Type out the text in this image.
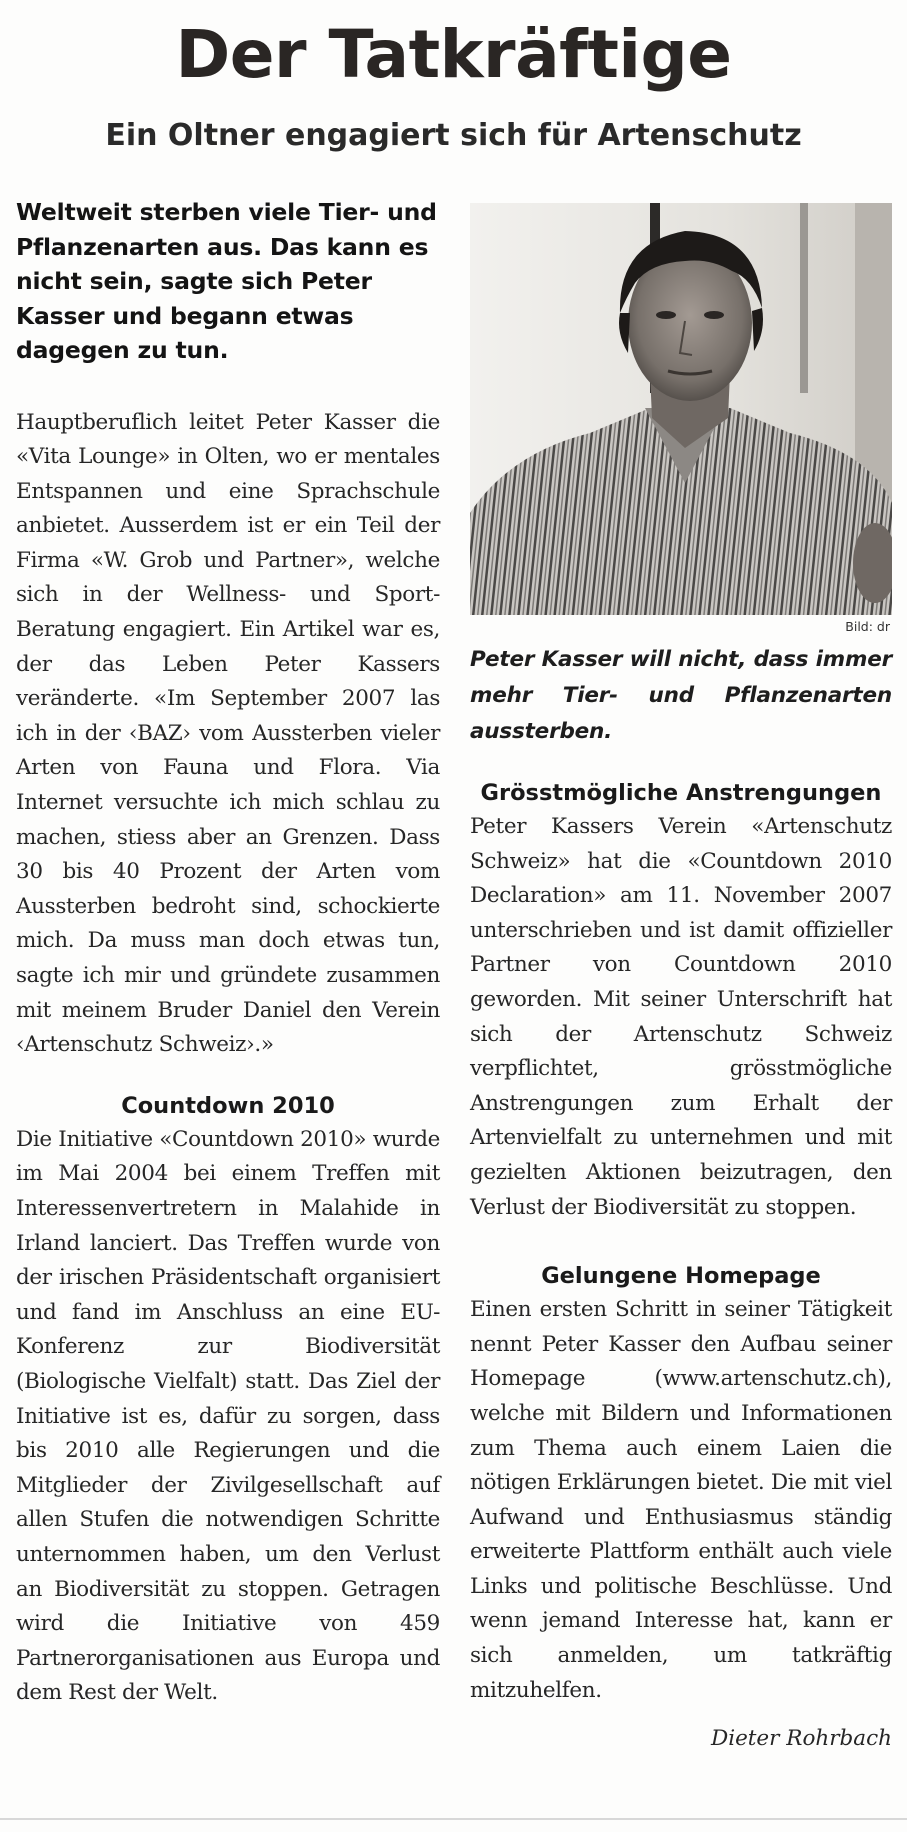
Der Tatkräftige
Ein Oltner engagiert sich für Artenschutz

Weltweit sterben viele Tier- und Pflanzenarten aus. Das kann es nicht sein, sagte sich Peter Kasser und begann etwas dagegen zu tun.

Hauptberuflich leitet Peter Kasser die «Vita Lounge» in Olten, wo er mentales Entspannen und eine Sprachschule anbietet. Ausserdem ist er ein Teil der Firma «W. Grob und Partner», welche sich in der Wellness- und Sport-Beratung engagiert. Ein Artikel war es, der das Leben Peter Kassers veränderte. «Im September 2007 las ich in der ‹BAZ› vom Aussterben vieler Arten von Fauna und Flora. Via Internet versuchte ich mich schlau zu machen, stiess aber an Grenzen. Dass 30 bis 40 Prozent der Arten vom Aussterben bedroht sind, schockierte mich. Da muss man doch etwas tun, sagte ich mir und gründete zusammen mit meinem Bruder Daniel den Verein ‹Artenschutz Schweiz›.»

Countdown 2010

Die Initiative «Countdown 2010» wurde im Mai 2004 bei einem Treffen mit Interessenvertretern in Malahide in Irland lanciert. Das Treffen wurde von der irischen Präsidentschaft organisiert und fand im Anschluss an eine EU-Konferenz zur Biodiversität (Biologische Vielfalt) statt. Das Ziel der Initiative ist es, dafür zu sorgen, dass bis 2010 alle Regierungen und die Mitglieder der Zivilgesellschaft auf allen Stufen die notwendigen Schritte unternommen haben, um den Verlust an Biodiversität zu stoppen. Getragen wird die Initiative von 459 Partnerorganisationen aus Europa und dem Rest der Welt.

Bild: dr

Peter Kasser will nicht, dass immer mehr Tier- und Pflanzenarten aussterben.

Grösstmögliche Anstrengungen

Peter Kassers Verein «Artenschutz Schweiz» hat die «Countdown 2010 Declaration» am 11. November 2007 unterschrieben und ist damit offizieller Partner von Countdown 2010 geworden. Mit seiner Unterschrift hat sich der Artenschutz Schweiz verpflichtet, grösstmögliche Anstrengungen zum Erhalt der Artenvielfalt zu unternehmen und mit gezielten Aktionen beizutragen, den Verlust der Biodiversität zu stoppen.

Gelungene Homepage

Einen ersten Schritt in seiner Tätigkeit nennt Peter Kasser den Aufbau seiner Homepage (www.artenschutz.ch), welche mit Bildern und Informationen zum Thema auch einem Laien die nötigen Erklärungen bietet. Die mit viel Aufwand und Enthusiasmus ständig erweiterte Plattform enthält auch viele Links und politische Beschlüsse. Und wenn jemand Interesse hat, kann er sich anmelden, um tatkräftig mitzuhelfen.

Dieter Rohrbach
